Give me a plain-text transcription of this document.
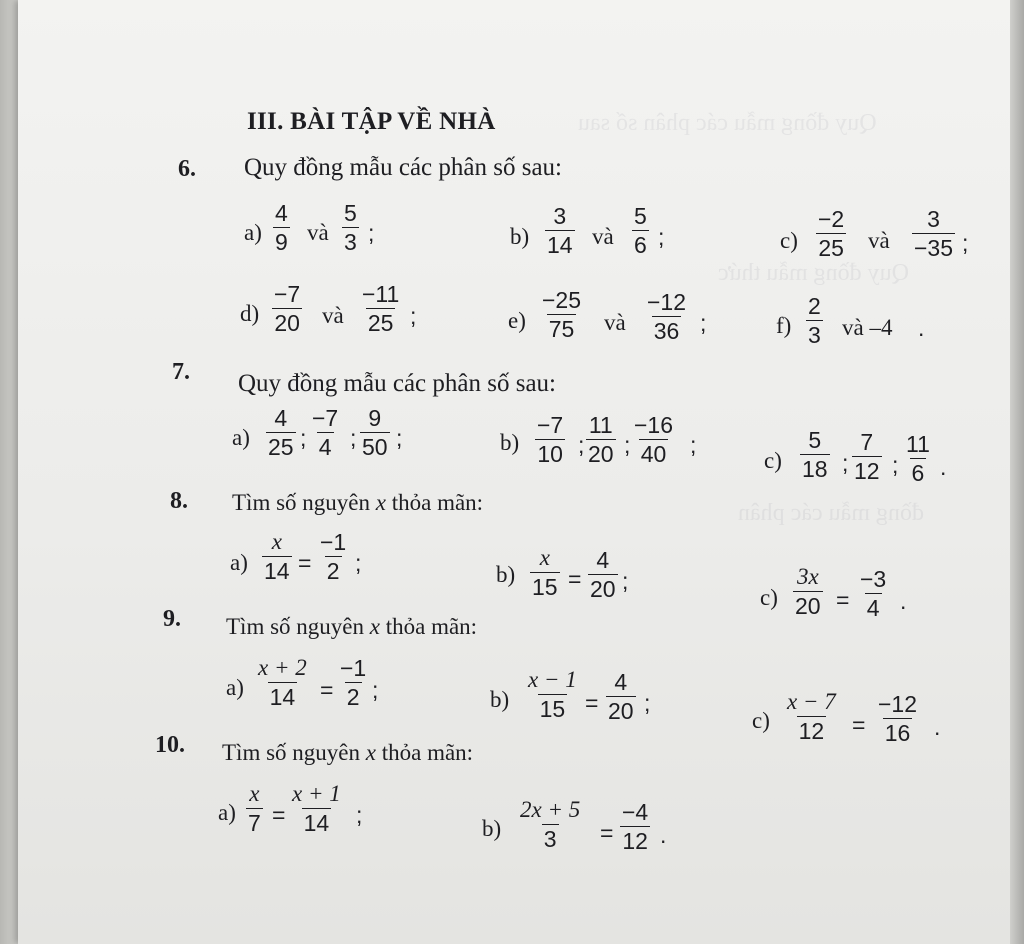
Quy đồng mẫu các phân số sau
Quy đồng mẫu thức
đồng mẫu các phân
III. BÀI TẬP VỀ NHÀ
6. Quy đồng mẫu các phân số sau:
$a) \frac{4}{9}$ và $\frac{5}{3}$ ;	$b) \frac{3}{14}$ và $\frac{5}{6}$ ;	$c) \frac{-2}{25}$ và $\frac{3}{-35}$ ;
$d) \frac{-7}{20}$ và $\frac{-11}{25}$ ;	$e) \frac{-25}{75}$ và $\frac{-12}{36}$ ;	$f) \frac{2}{3}$ và –4 .
7. Quy đồng mẫu các phân số sau:
$a) \frac{4}{25}$ ; $\frac{-7}{4}$ ; $\frac{9}{50}$ ;	$b) \frac{-7}{10}$ ; $\frac{11}{20}$ ; $\frac{-16}{40}$ ;
$c) \frac{5}{18}$ ; $\frac{7}{12}$ ; $\frac{11}{6}$ .
8. Tìm số nguyên x thỏa mãn:
$a) \frac{x}{14} = \frac{-1}{2}$ ;	$b) \frac{x}{15} = \frac{4}{20}$ ;
$c) \frac{3x}{20} = \frac{-3}{4}$ .
9. Tìm số nguyên x thỏa mãn:
$a) \frac{x + 2}{14} = \frac{-1}{2}$ ;	$b) \frac{x - 1}{15} = \frac{4}{20}$ ;
$c) \frac{x - 7}{12} = \frac{-12}{16}$ .
10. Tìm số nguyên x thỏa mãn:
$a) \frac{x}{7} = \frac{x + 1}{14}$ ;
$b) \frac{2x + 5}{3} = \frac{-4}{12}$ .
